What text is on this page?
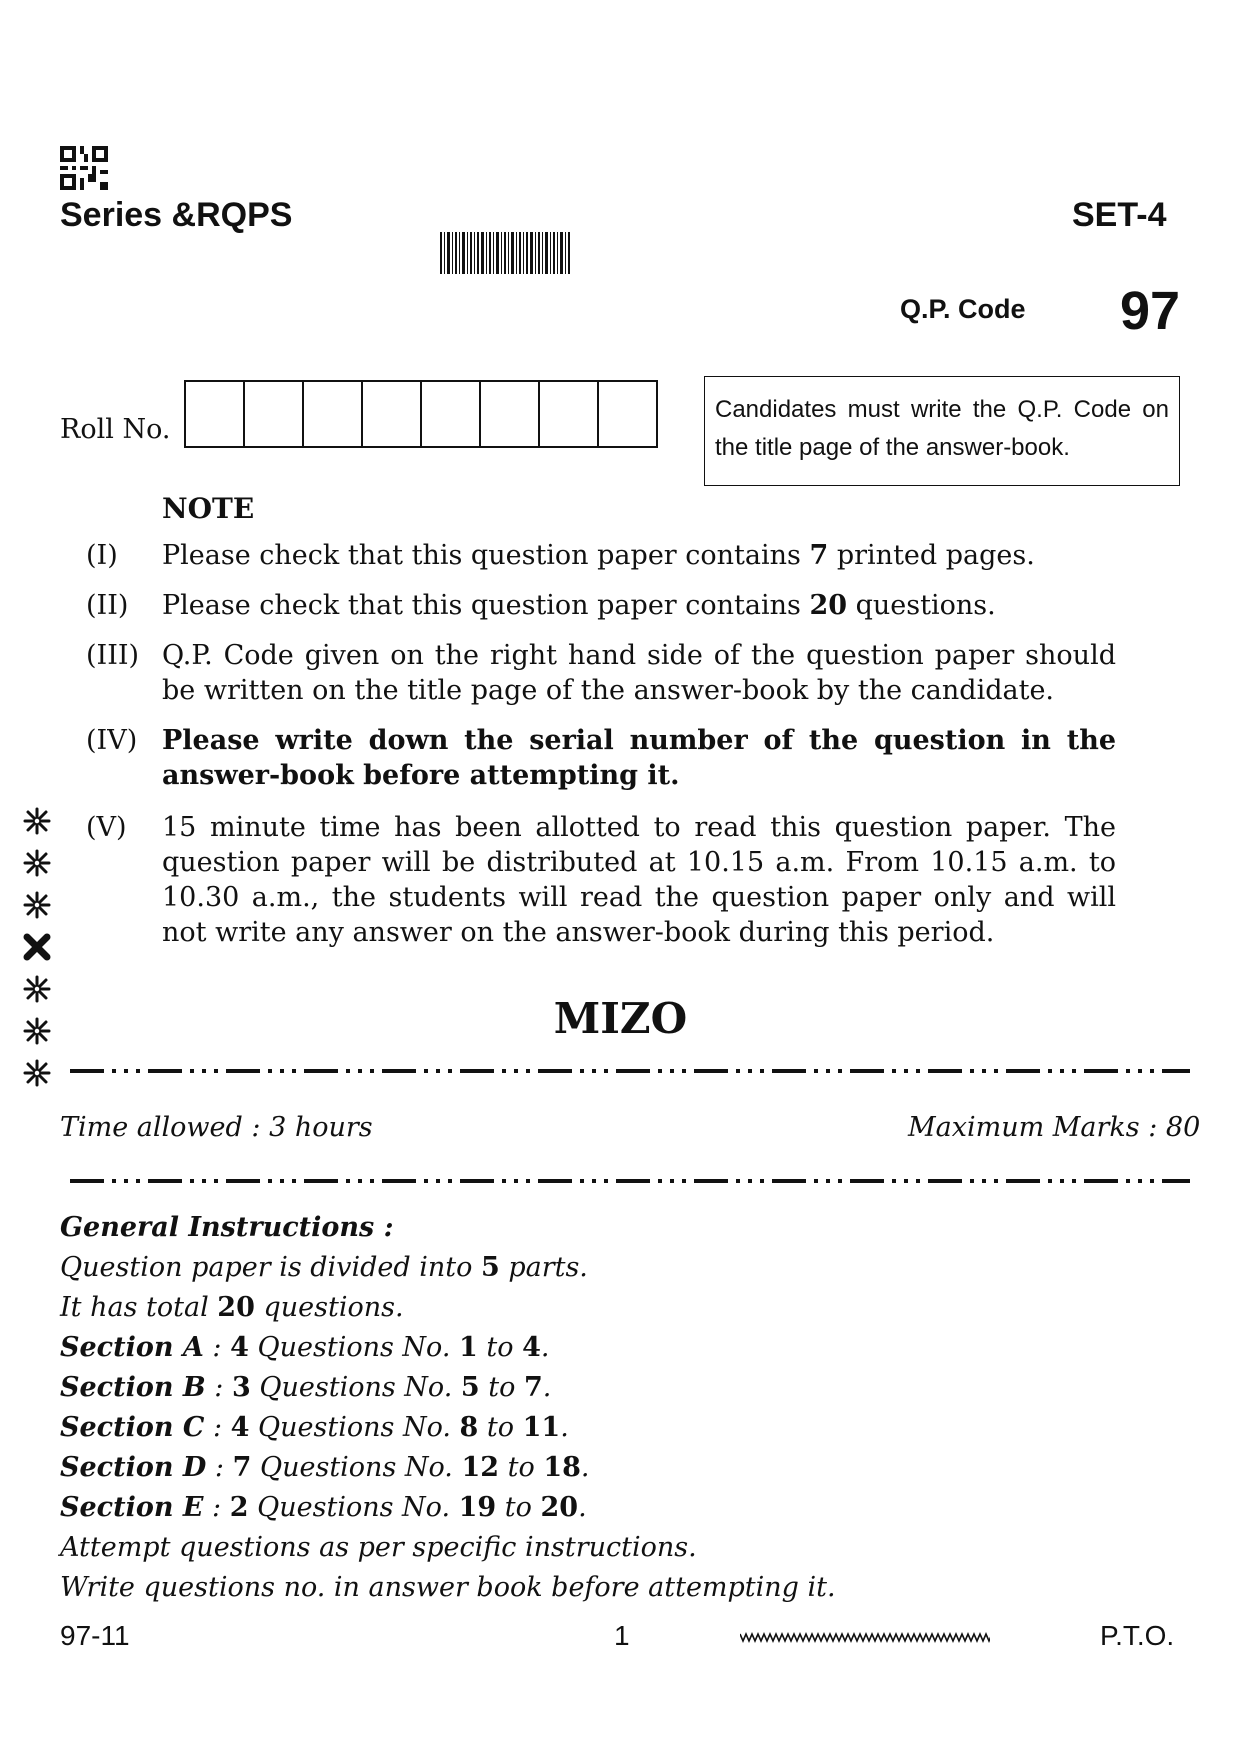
Series &RQPS	SET-4
Q.P. Code 97
Roll No.
Candidates must write the Q.P. Code on the title page of the answer-book.
NOTE
(I) Please check that this question paper contains 7 printed pages.
(II) Please check that this question paper contains 20 questions.
(III) Q.P. Code given on the right hand side of the question paper should be written on the title page of the answer-book by the candidate.
(IV) Please write down the serial number of the question in the answer-book before attempting it.
(V) 15 minute time has been allotted to read this question paper. The question paper will be distributed at 10.15 a.m. From 10.15 a.m. to 10.30 a.m., the students will read the question paper only and will not write any answer on the answer-book during this period.
MIZO
Time allowed : 3 hours	Maximum Marks : 80
General Instructions :
Question paper is divided into 5 parts.
It has total 20 questions.
Section A : 4 Questions No. 1 to 4.
Section B : 3 Questions No. 5 to 7.
Section C : 4 Questions No. 8 to 11.
Section D : 7 Questions No. 12 to 18.
Section E : 2 Questions No. 19 to 20.
Attempt questions as per specific instructions.
Write questions no. in answer book before attempting it.
97-11	1	P.T.O.
